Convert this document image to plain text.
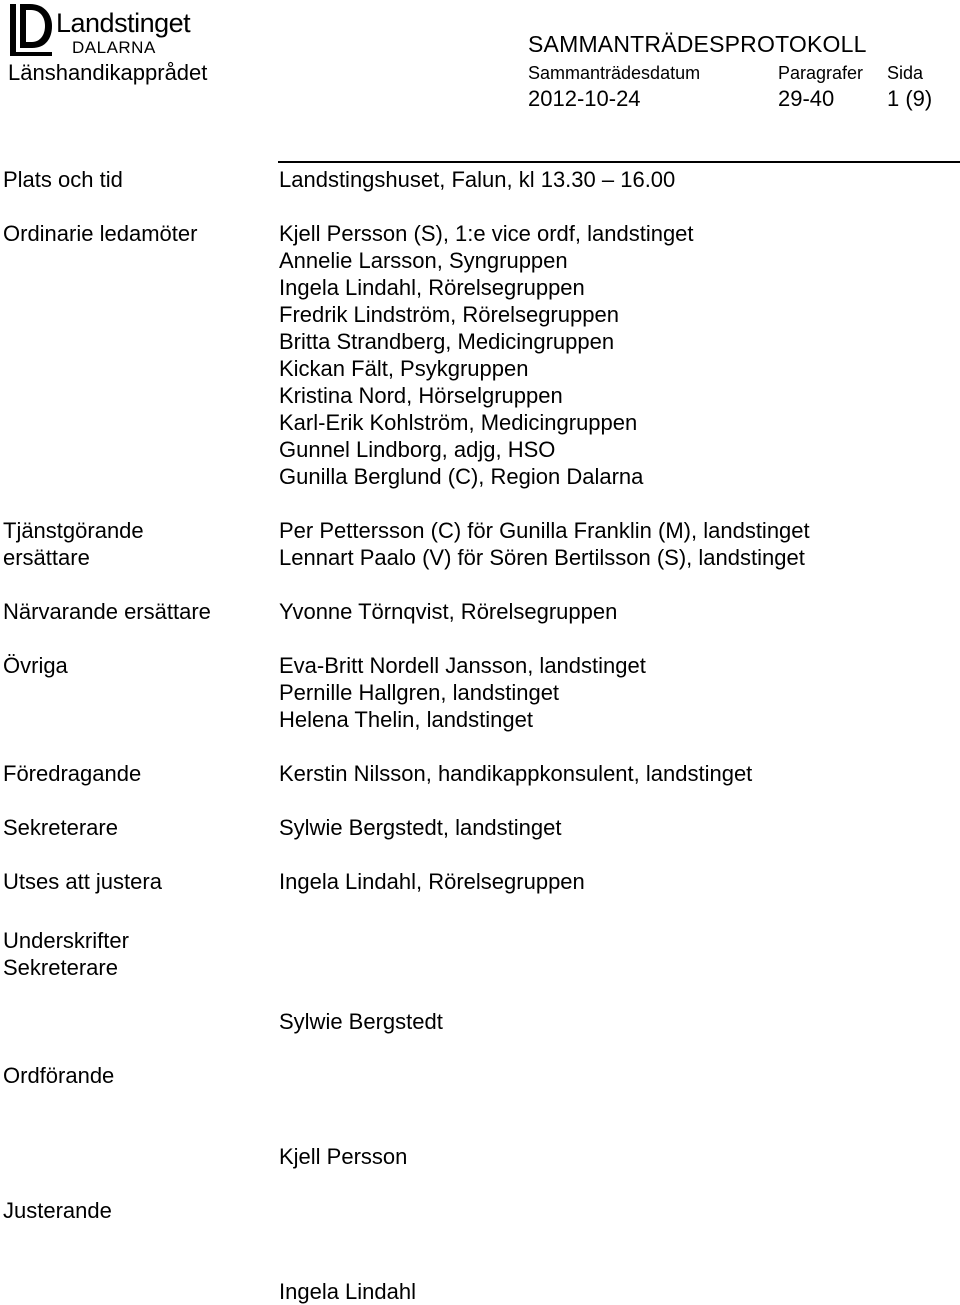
Landstinget
DALARNA
Länshandikapprådet
SAMMANTRÄDESPROTOKOLL
Sammanträdesdatum	Paragrafer Sida
2012-10-24	29-40 1 (9)
Plats och tid	Landstingshuset, Falun, kl 13.30 – 16.00
Ordinarie ledamöter	Kjell Persson (S), 1:e vice ordf, landstinget
Annelie Larsson, Syngruppen
Ingela Lindahl, Rörelsegruppen
Fredrik Lindström, Rörelsegruppen
Britta Strandberg, Medicingruppen
Kickan Fält, Psykgruppen
Kristina Nord, Hörselgruppen
Karl-Erik Kohlström, Medicingruppen
Gunnel Lindborg, adjg, HSO
Gunilla Berglund (C), Region Dalarna
Tjänstgörande
ersättare
Per Pettersson (C) för Gunilla Franklin (M), landstinget
Lennart Paalo (V) för Sören Bertilsson (S), landstinget
Närvarande ersättare	Yvonne Törnqvist, Rörelsegruppen
Övriga	Eva-Britt Nordell Jansson, landstinget
Pernille Hallgren, landstinget
Helena Thelin, landstinget
Föredragande	Kerstin Nilsson, handikappkonsulent, landstinget
Sekreterare	Sylwie Bergstedt, landstinget
Utses att justera	Ingela Lindahl, Rörelsegruppen
Underskrifter
Sekreterare
Sylwie Bergstedt
Ordförande
Kjell Persson
Justerande
Ingela Lindahl
